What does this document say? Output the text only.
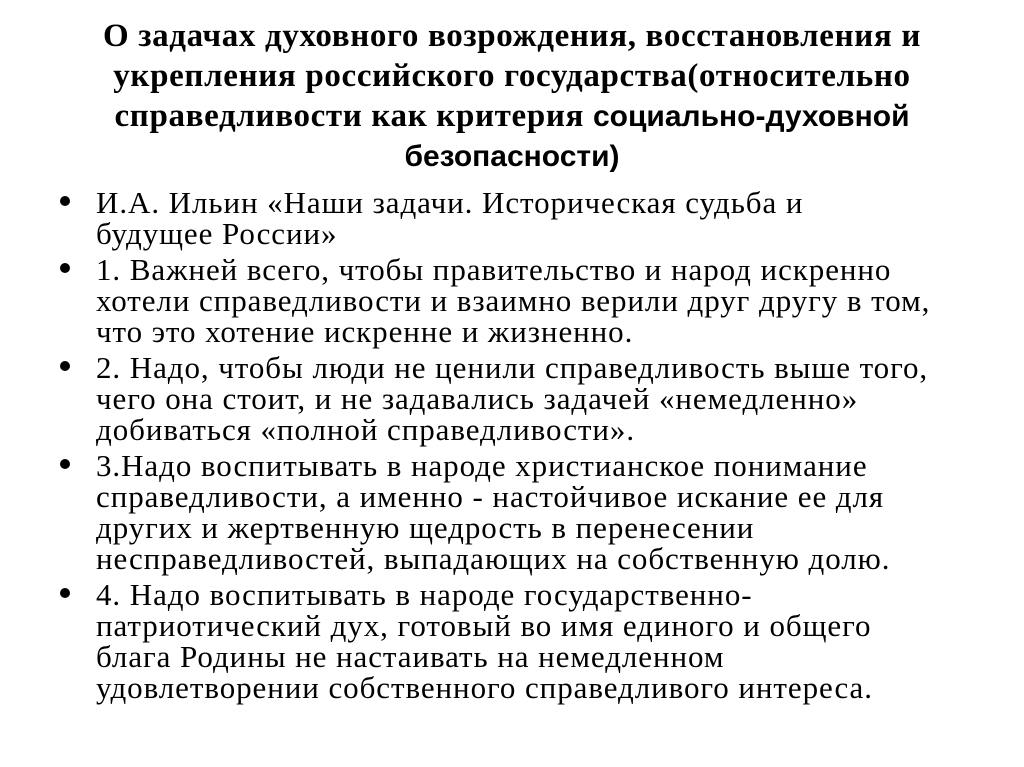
О задачах духовного возрождения, восстановления и
укрепления российского государства(относительно
справедливости как критерия социально-духовной
безопасности)
И.А. Ильин «Наши задачи. Историческая судьба и
будущее России»
1. Важней всего, чтобы правительство и народ искренно
хотели справедливости и взаимно верили друг другу в том,
что это хотение искренне и жизненно.
2. Надо, чтобы люди не ценили справедливость выше того,
чего она стоит, и не задавались задачей «немедленно»
добиваться «полной справедливости».
3.Надо воспитывать в народе христианское понимание
справедливости, а именно - настойчивое искание ее для
других и жертвенную щедрость в перенесении
несправедливостей, выпадающих на собственную долю.
4. Надо воспитывать в народе государственно-
патриотический дух, готовый во имя единого и общего
блага Родины не настаивать на немедленном
удовлетворении собственного справедливого интереса.
